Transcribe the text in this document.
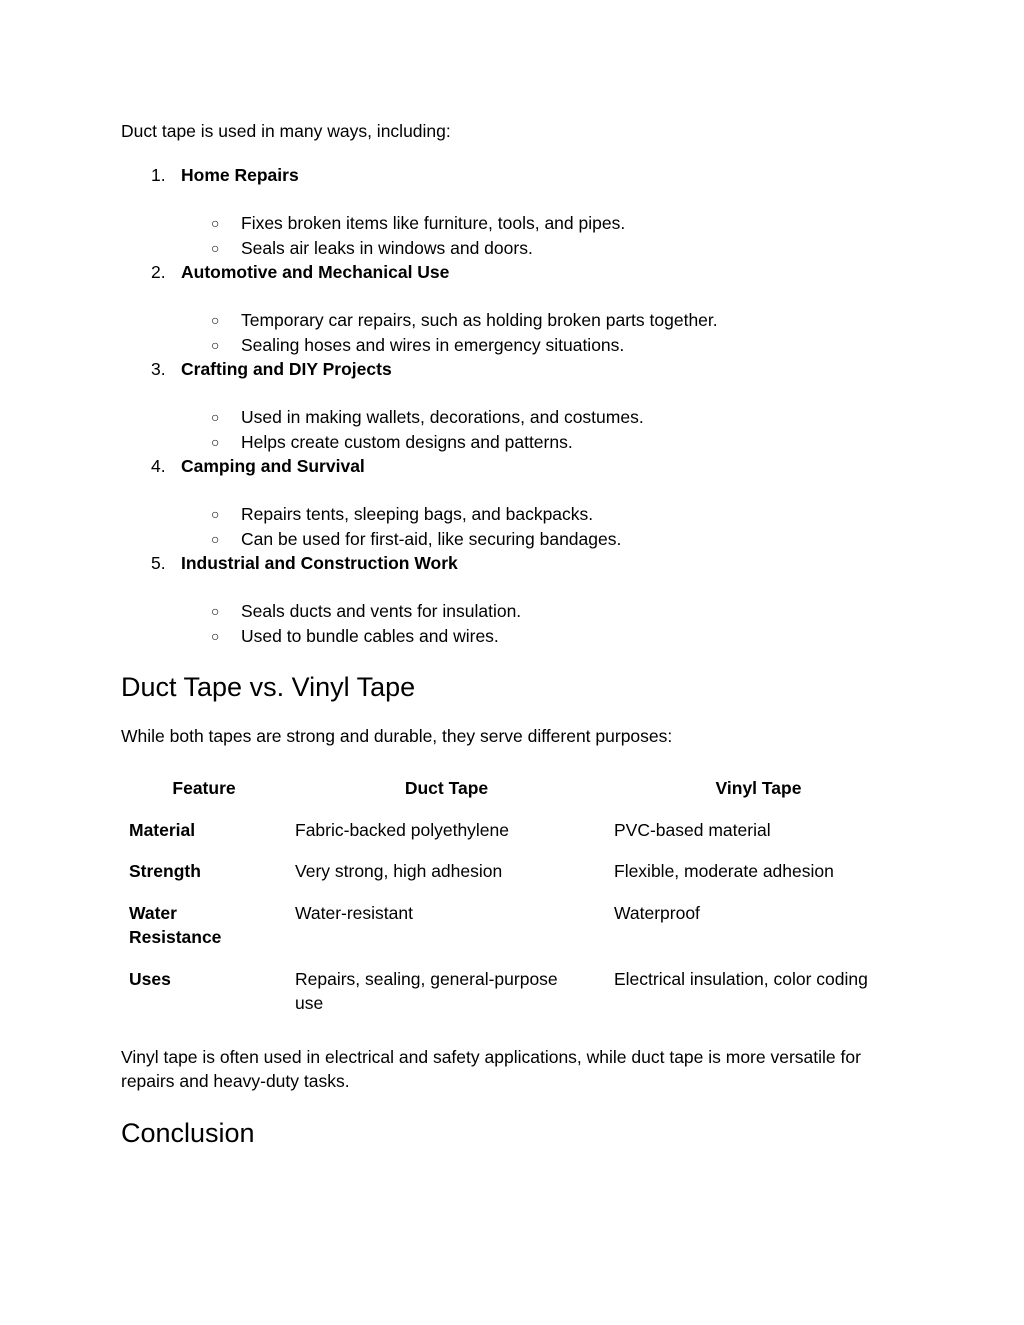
Duct tape is used in many ways, including:

1. Home Repairs
○ Fixes broken items like furniture, tools, and pipes.
○ Seals air leaks in windows and doors.
2. Automotive and Mechanical Use
○ Temporary car repairs, such as holding broken parts together.
○ Sealing hoses and wires in emergency situations.
3. Crafting and DIY Projects
○ Used in making wallets, decorations, and costumes.
○ Helps create custom designs and patterns.
4. Camping and Survival
○ Repairs tents, sleeping bags, and backpacks.
○ Can be used for first-aid, like securing bandages.
5. Industrial and Construction Work
○ Seals ducts and vents for insulation.
○ Used to bundle cables and wires.
Duct Tape vs. Vinyl Tape

While both tapes are strong and durable, they serve different purposes:

Feature	Duct Tape	Vinyl Tape
Material	Fabric-backed polyethylene	PVC-based material
Strength	Very strong, high adhesion	Flexible, moderate adhesion
Water Resistance	Water-resistant	Waterproof
Uses	Repairs, sealing, general-purpose use	Electrical insulation, color coding

Vinyl tape is often used in electrical and safety applications, while duct tape is more versatile for repairs and heavy-duty tasks.

Conclusion
